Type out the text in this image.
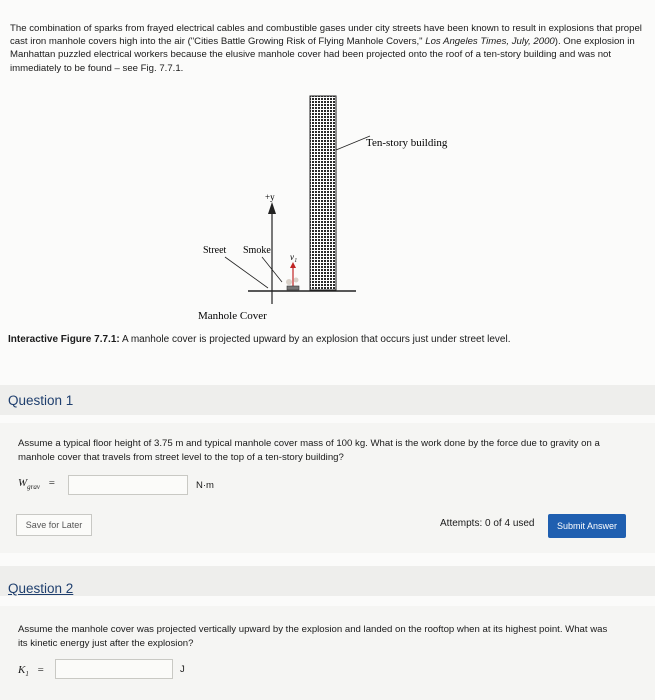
The combination of sparks from frayed electrical cables and combustible gases under city streets have been known to result in explosions that propel cast iron manhole covers high into the air ("Cities Battle Growing Risk of Flying Manhole Covers," Los Angeles Times, July, 2000). One explosion in Manhattan puzzled electrical workers because the elusive manhole cover had been projected onto the roof of a ten-story building and was not immediately to be found – see Fig. 7.7.1.
Ten-story building
+y
Street Smoke
v₁
Manhole Cover
Interactive Figure 7.7.1: A manhole cover is projected upward by an explosion that occurs just under street level.
Question 1
Assume a typical floor height of 3.75 m and typical manhole cover mass of 100 kg. What is the work done by the force due to gravity on a manhole cover that travels from street level to the top of a ten-story building?
$W_{grav}$ =	N·m
Save for Later	Attempts: 0 of 4 used	Submit Answer
Question 2
Assume the manhole cover was projected vertically upward by the explosion and landed on the rooftop when at its highest point. What was its kinetic energy just after the explosion?
$K_1$ =	J
